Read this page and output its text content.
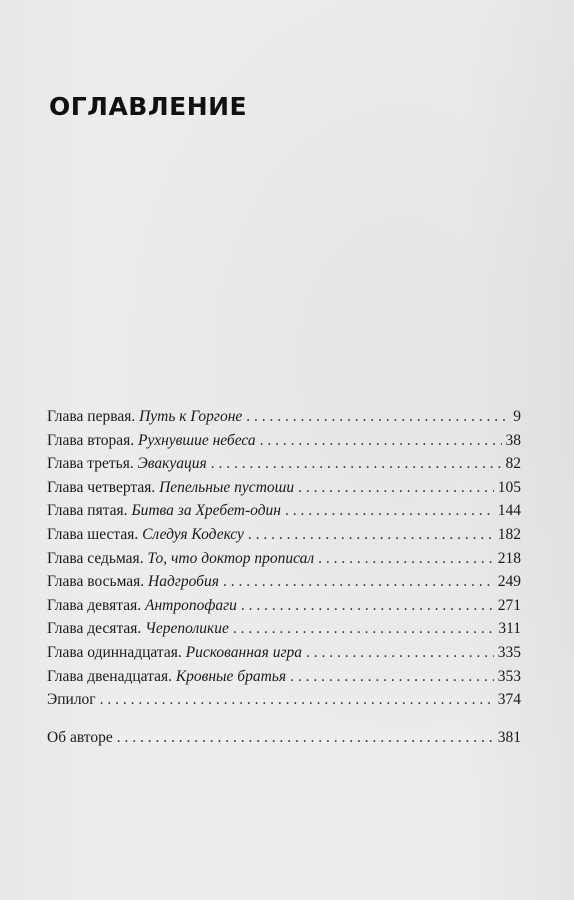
ОГЛАВЛЕНИЕ
Глава первая. Путь к Горгоне . . .	9
Глава вторая. Рухнувшие небеса . . .	38
Глава третья. Эвакуация . . .	82
Глава четвертая. Пепельные пустоши . . .	105
Глава пятая. Битва за Хребет-один . . .	144
Глава шестая. Следуя Кодексу . . .	182
Глава седьмая. То, что доктор прописал . . .	218
Глава восьмая. Надгробия . . .	249
Глава девятая. Антропофаги . . .	271
Глава десятая. Череполикие . . .	311
Глава одиннадцатая. Рискованная игра . . .	335
Глава двенадцатая. Кровные братья . . .	353
Эпилог . . .	374
Об авторе . . .	381
